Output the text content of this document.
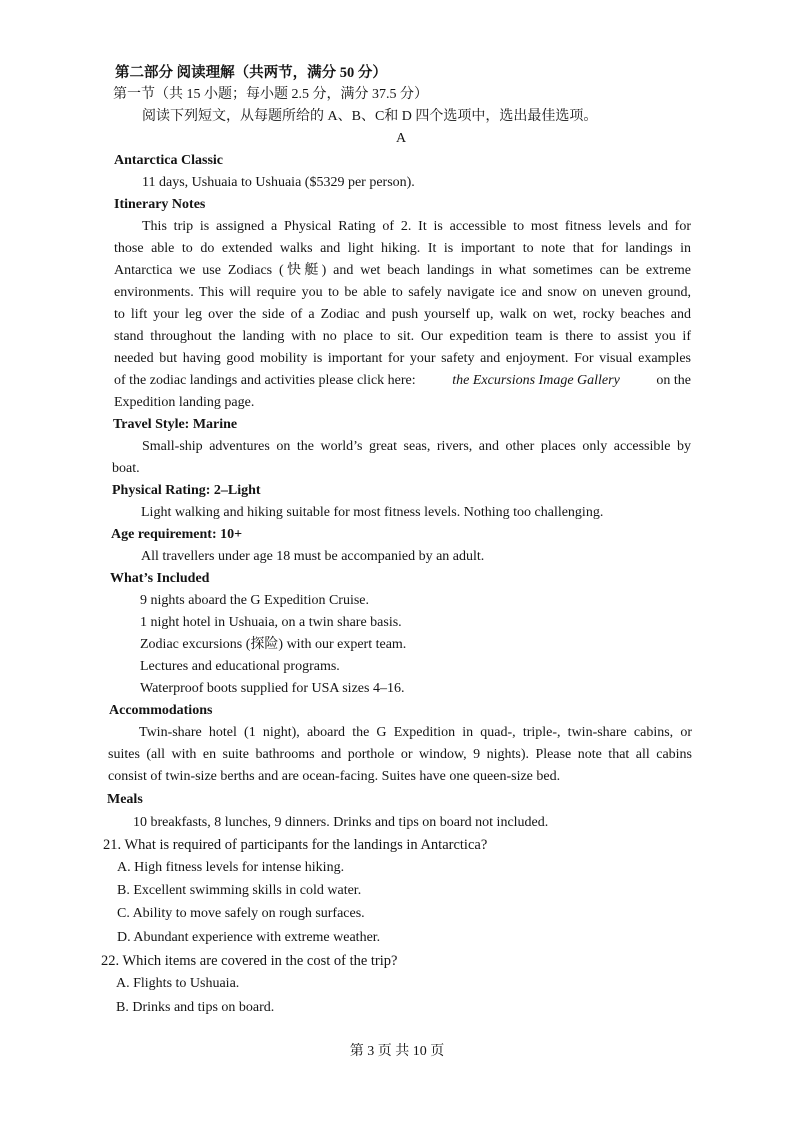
第二部分 阅读理解（共两节，满分 50 分）
第一节（共 15 小题；每小题 2.5 分，满分 37.5 分）
阅读下列短文，从每题所给的 A、B、C和 D 四个选项中，选出最佳选项。
A
Antarctica Classic
11 days, Ushuaia to Ushuaia ($5329 per person).
Itinerary Notes
This trip is assigned a Physical Rating of 2. It is accessible to most fitness levels and for
those able to do extended walks and light hiking. It is important to note that for landings in
Antarctica we use Zodiacs (快艇) and wet beach landings in what sometimes can be extreme
environments. This will require you to be able to safely navigate ice and snow on uneven ground,
to lift your leg over the side of a Zodiac and push yourself up, walk on wet, rocky beaches and
stand throughout the landing with no place to sit. Our expedition team is there to assist you if
needed but having good mobility is important for your safety and enjoyment. For visual examples
of the zodiac landings and activities please click here: the Excursions Image Gallery on the
Expedition landing page.
Travel Style: Marine
Small-ship adventures on the world’s great seas, rivers, and other places only accessible by
boat.
Physical Rating: 2–Light
Light walking and hiking suitable for most fitness levels. Nothing too challenging.
Age requirement: 10+
All travellers under age 18 must be accompanied by an adult.
What’s Included
9 nights aboard the G Expedition Cruise.
1 night hotel in Ushuaia, on a twin share basis.
Zodiac excursions (探险) with our expert team.
Lectures and educational programs.
Waterproof boots supplied for USA sizes 4–16.
Accommodations
Twin-share hotel (1 night), aboard the G Expedition in quad-, triple-, twin-share cabins, or
suites (all with en suite bathrooms and porthole or window, 9 nights). Please note that all cabins
consist of twin-size berths and are ocean-facing. Suites have one queen-size bed.
Meals
10 breakfasts, 8 lunches, 9 dinners. Drinks and tips on board not included.
21. What is required of participants for the landings in Antarctica?
A. High fitness levels for intense hiking.
B. Excellent swimming skills in cold water.
C. Ability to move safely on rough surfaces.
D. Abundant experience with extreme weather.
22. Which items are covered in the cost of the trip?
A. Flights to Ushuaia.
B. Drinks and tips on board.
第 3 页 共 10 页
